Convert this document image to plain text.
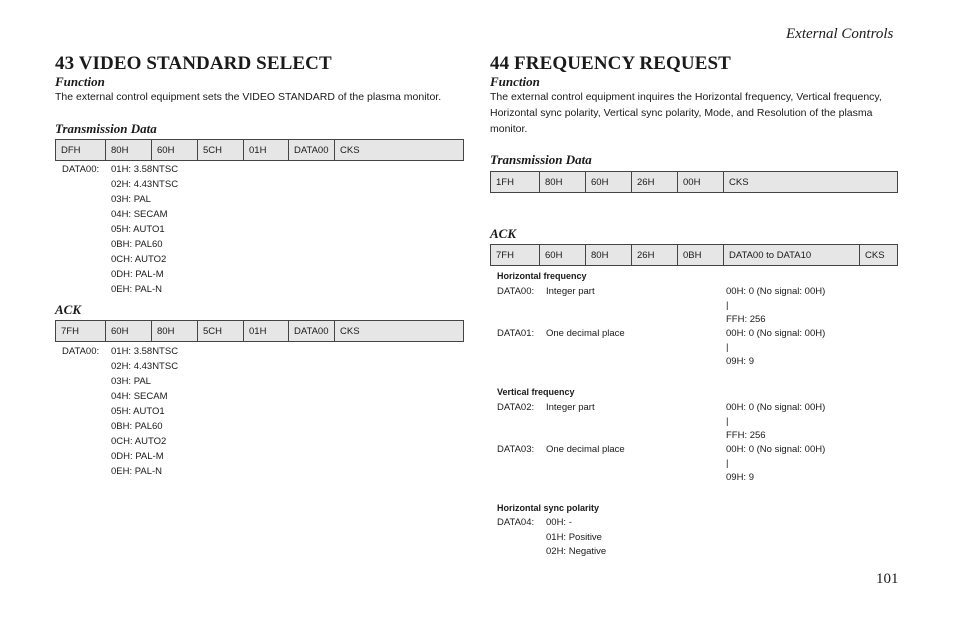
External Controls
43 VIDEO STANDARD SELECT
Function
The external control equipment sets the VIDEO STANDARD of the plasma monitor.
Transmission Data
DFH	80H	60H	5CH	01H	DATA00	CKS
DATA00: 01H: 3.58NTSC
02H: 4.43NTSC
03H: PAL
04H: SECAM
05H: AUTO1
0BH: PAL60
0CH: AUTO2
0DH: PAL-M
0EH: PAL-N
ACK
7FH	60H	80H	5CH	01H	DATA00	CKS
DATA00: 01H: 3.58NTSC
02H: 4.43NTSC
03H: PAL
04H: SECAM
05H: AUTO1
0BH: PAL60
0CH: AUTO2
0DH: PAL-M
0EH: PAL-N
44 FREQUENCY REQUEST
Function
The external control equipment inquires the Horizontal frequency, Vertical frequency,
Horizontal sync polarity, Vertical sync polarity, Mode, and Resolution of the plasma
monitor.
Transmission Data
1FH	80H	60H	26H	00H	CKS
ACK
7FH	60H	80H	26H	0BH	DATA00 to DATA10	CKS
Horizontal frequency
DATA00: Integer part	00H: 0 (No signal: 00H)
|
FFH: 256
DATA01: One decimal place	00H: 0 (No signal: 00H)
|
09H: 9
Vertical frequency
DATA02: Integer part	00H: 0 (No signal: 00H)
|
FFH: 256
DATA03: One decimal place	00H: 0 (No signal: 00H)
|
09H: 9
Horizontal sync polarity
DATA04: 00H: -
01H: Positive
02H: Negative
101
